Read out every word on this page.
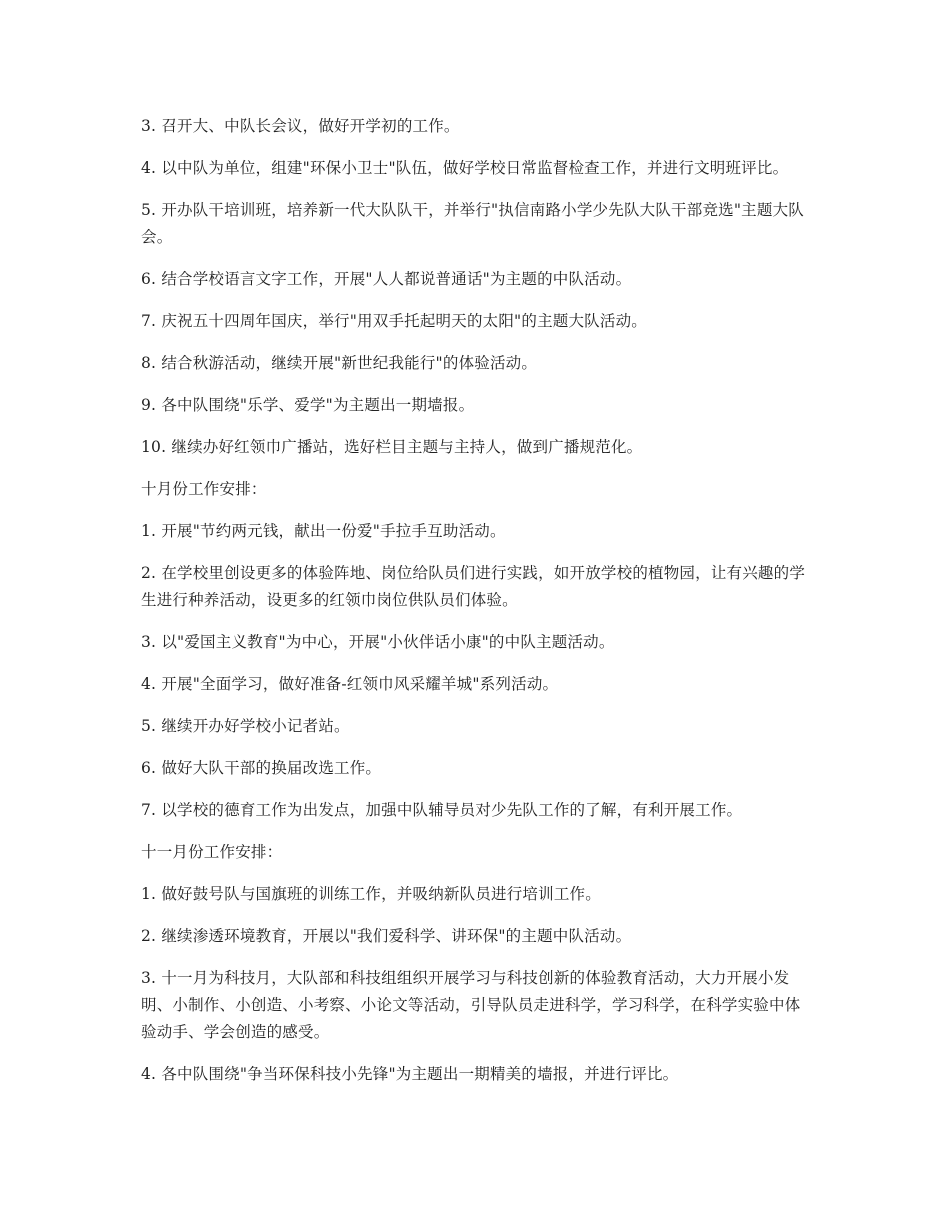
3. 召开大、中队长会议，做好开学初的工作。

4. 以中队为单位，组建"环保小卫士"队伍，做好学校日常监督检查工作，并进行文明班评比。

5. 开办队干培训班，培养新一代大队队干，并举行"执信南路小学少先队大队干部竞选"主题大队会。

6. 结合学校语言文字工作，开展"人人都说普通话"为主题的中队活动。

7. 庆祝五十四周年国庆，举行"用双手托起明天的太阳"的主题大队活动。

8. 结合秋游活动，继续开展"新世纪我能行"的体验活动。

9. 各中队围绕"乐学、爱学"为主题出一期墙报。

10. 继续办好红领巾广播站，选好栏目主题与主持人，做到广播规范化。

十月份工作安排：

1. 开展"节约两元钱，献出一份爱"手拉手互助活动。

2. 在学校里创设更多的体验阵地、岗位给队员们进行实践，如开放学校的植物园，让有兴趣的学生进行种养活动，设更多的红领巾岗位供队员们体验。

3. 以"爱国主义教育"为中心，开展"小伙伴话小康"的中队主题活动。

4. 开展"全面学习，做好准备-红领巾风采耀羊城"系列活动。

5. 继续开办好学校小记者站。

6. 做好大队干部的换届改选工作。

7. 以学校的德育工作为出发点，加强中队辅导员对少先队工作的了解，有利开展工作。

十一月份工作安排：

1. 做好鼓号队与国旗班的训练工作，并吸纳新队员进行培训工作。

2. 继续渗透环境教育，开展以"我们爱科学、讲环保"的主题中队活动。

3. 十一月为科技月，大队部和科技组组织开展学习与科技创新的体验教育活动，大力开展小发明、小制作、小创造、小考察、小论文等活动，引导队员走进科学，学习科学，在科学实验中体验动手、学会创造的感受。

4. 各中队围绕"争当环保科技小先锋"为主题出一期精美的墙报，并进行评比。
